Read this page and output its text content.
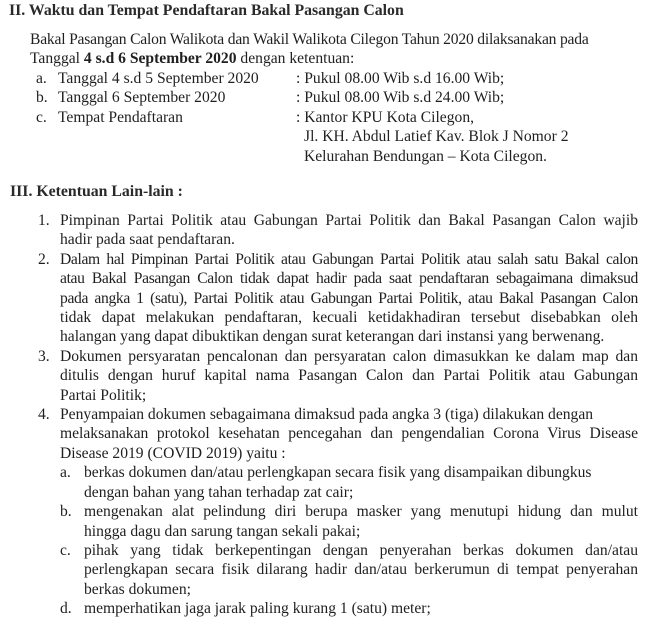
II. Waktu dan Tempat Pendaftaran Bakal Pasangan Calon
Bakal Pasangan Calon Walikota dan Wakil Walikota Cilegon Tahun 2020 dilaksanakan pada
Tanggal 4 s.d 6 September 2020 dengan ketentuan:
a. Tanggal 4 s.d 5 September 2020 : Pukul 08.00 Wib s.d 16.00 Wib;
b. Tanggal 6 September 2020	: Pukul 08.00 Wib s.d 24.00 Wib;
c. Tempat Pendaftaran	: Kantor KPU Kota Cilegon,
Jl. KH. Abdul Latief Kav. Blok J Nomor 2
Kelurahan Bendungan – Kota Cilegon.
III. Ketentuan Lain-lain :
1. Pimpinan Partai Politik atau Gabungan Partai Politik dan Bakal Pasangan Calon wajib
hadir pada saat pendaftaran.
2. Dalam hal Pimpinan Partai Politik atau Gabungan Partai Politik atau salah satu Bakal calon
atau Bakal Pasangan Calon tidak dapat hadir pada saat pendaftaran sebagaimana dimaksud
pada angka 1 (satu), Partai Politik atau Gabungan Partai Politik, atau Bakal Pasangan Calon
tidak dapat melakukan pendaftaran, kecuali ketidakhadiran tersebut disebabkan oleh
halangan yang dapat dibuktikan dengan surat keterangan dari instansi yang berwenang.
3. Dokumen persyaratan pencalonan dan persyaratan calon dimasukkan ke dalam map dan
ditulis dengan huruf kapital nama Pasangan Calon dan Partai Politik atau Gabungan
Partai Politik;
4. Penyampaian dokumen sebagaimana dimaksud pada angka 3 (tiga) dilakukan dengan
melaksanakan protokol kesehatan pencegahan dan pengendalian Corona Virus Disease
Disease 2019 (COVID 2019) yaitu :
a. berkas dokumen dan/atau perlengkapan secara fisik yang disampaikan dibungkus
dengan bahan yang tahan terhadap zat cair;
b. mengenakan alat pelindung diri berupa masker yang menutupi hidung dan mulut
hingga dagu dan sarung tangan sekali pakai;
c. pihak yang tidak berkepentingan dengan penyerahan berkas dokumen dan/atau
perlengkapan secara fisik dilarang hadir dan/atau berkerumun di tempat penyerahan
berkas dokumen;
d. memperhatikan jaga jarak paling kurang 1 (satu) meter;
